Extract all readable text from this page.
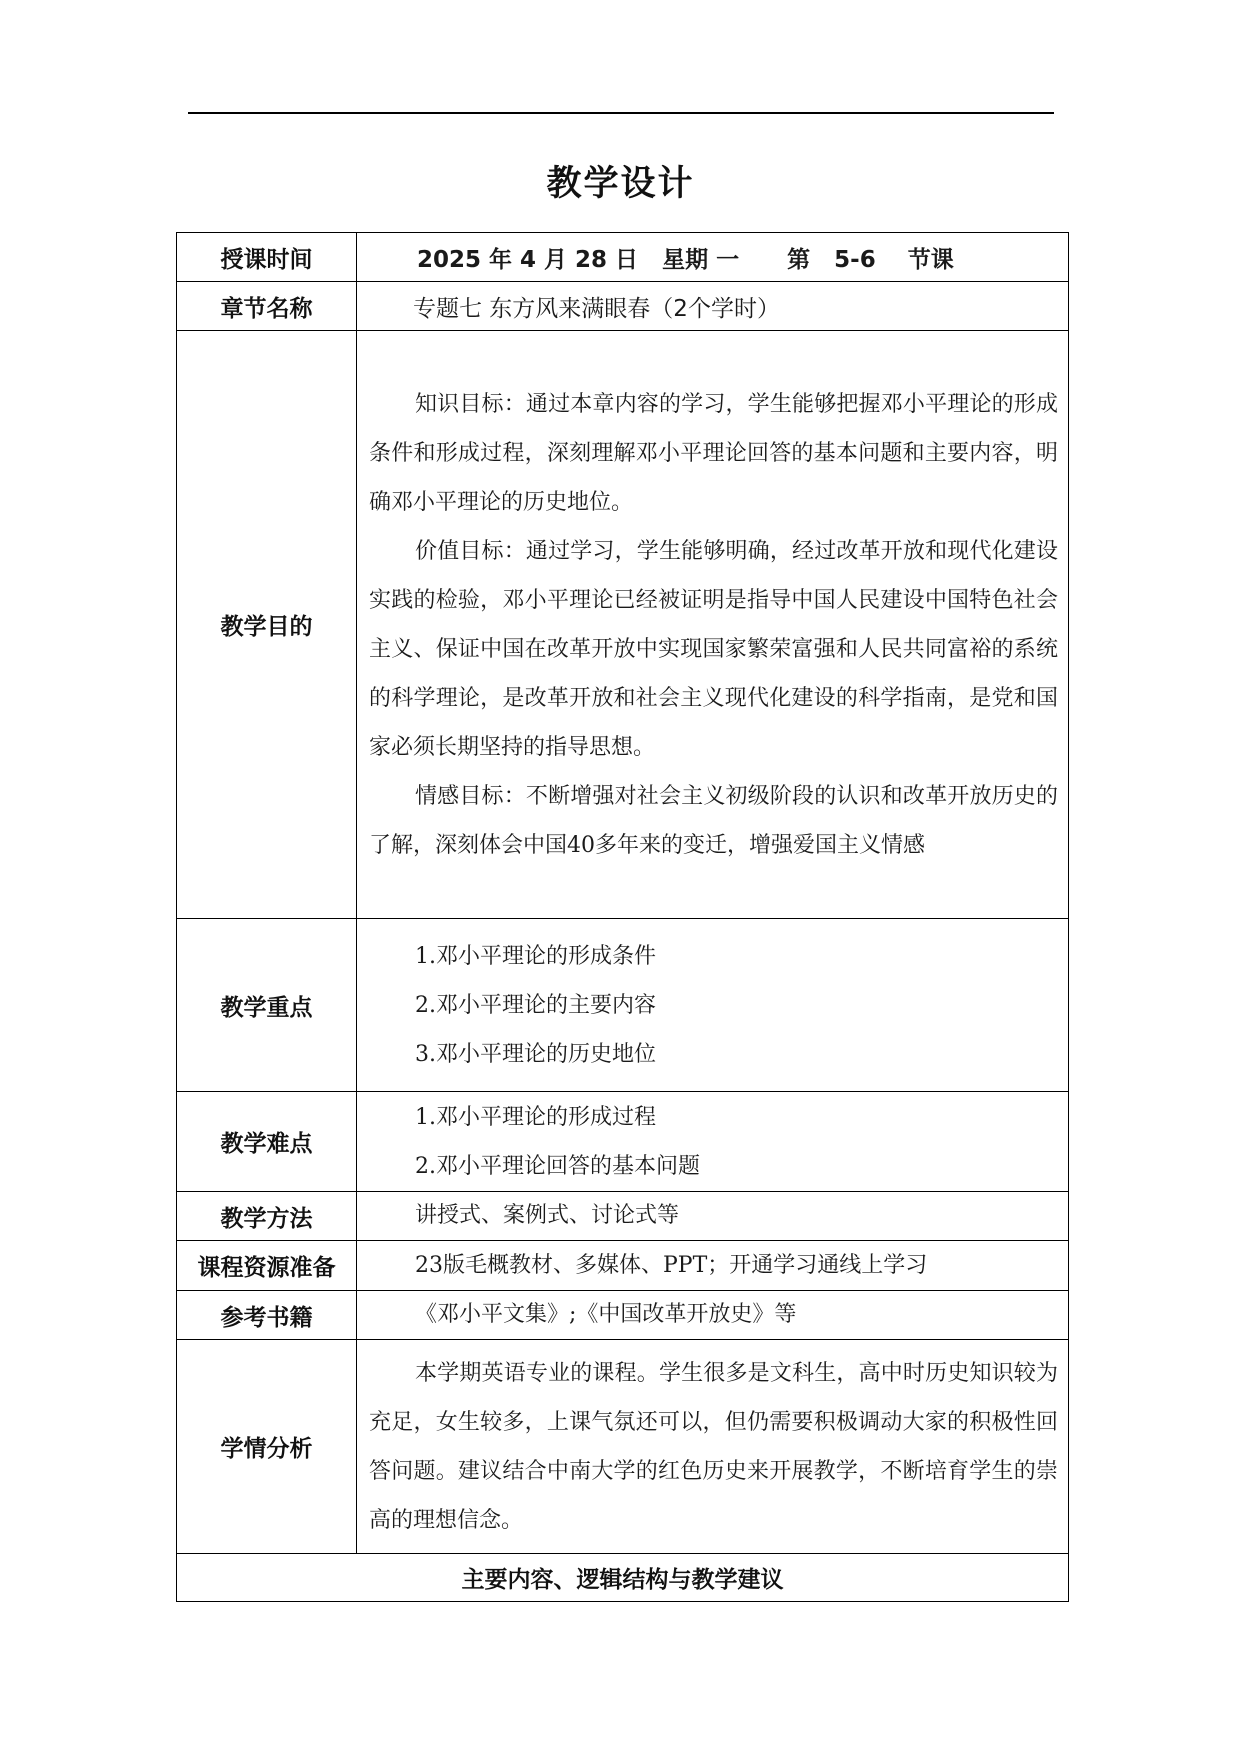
教学设计
授课时间	2025 年 4 月 28 日   星期 一      第   5-6    节课

章节名称	专题七 东方风来满眼春（2个学时）

教学目的	知识目标：通过本章内容的学习，学生能够把握邓小平理论的形成条件和形成过程，深刻理解邓小平理论回答的基本问题和主要内容，明确邓小平理论的历史地位。

价值目标：通过学习，学生能够明确，经过改革开放和现代化建设实践的检验，邓小平理论已经被证明是指导中国人民建设中国特色社会主义、保证中国在改革开放中实现国家繁荣富强和人民共同富裕的系统的科学理论，是改革开放和社会主义现代化建设的科学指南，是党和国家必须长期坚持的指导思想。

情感目标：不断增强对社会主义初级阶段的认识和改革开放历史的了解，深刻体会中国40多年来的变迁，增强爱国主义情感

教学重点	1.邓小平理论的形成条件
2.邓小平理论的主要内容
3.邓小平理论的历史地位

教学难点	1.邓小平理论的形成过程
2.邓小平理论回答的基本问题

教学方法	讲授式、案例式、讨论式等

课程资源准备	23版毛概教材、多媒体、PPT；开通学习通线上学习

参考书籍	《邓小平文集》;《中国改革开放史》等

学情分析	本学期英语专业的课程。学生很多是文科生，高中时历史知识较为充足，女生较多，上课气氛还可以，但仍需要积极调动大家的积极性回答问题。建议结合中南大学的红色历史来开展教学，不断培育学生的崇高的理想信念。

主要内容、逻辑结构与教学建议	
